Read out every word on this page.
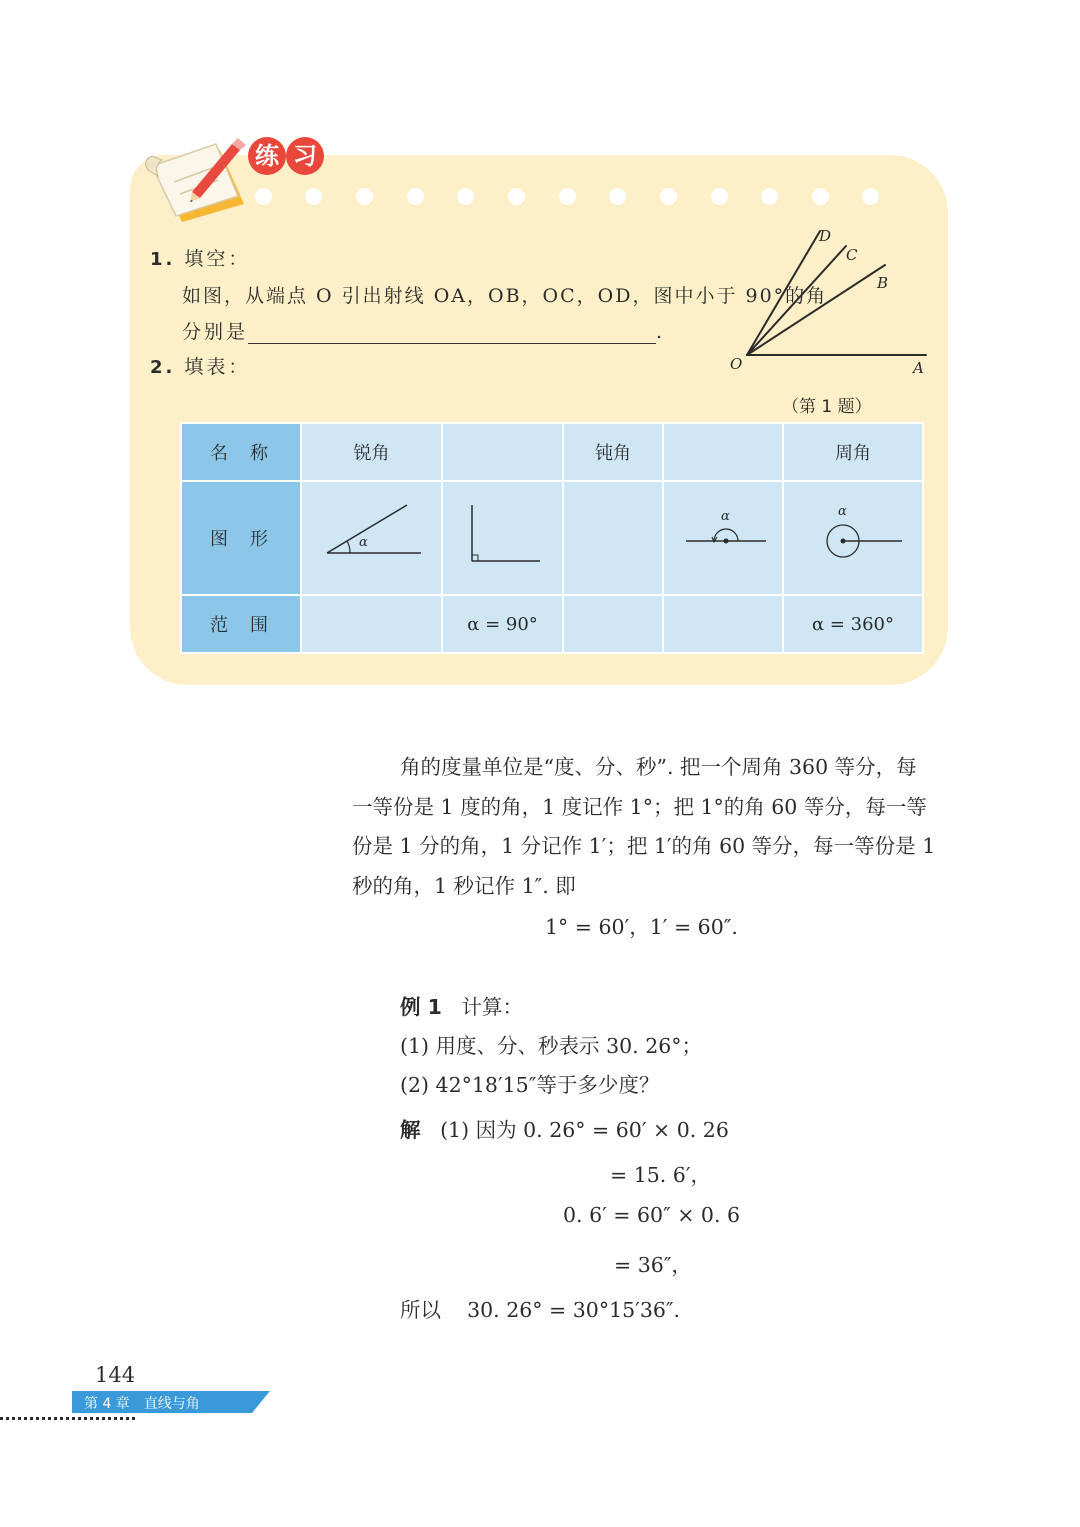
练 习
1. 填空：
如图，从端点 O 引出射线 OA，OB，OC，OD，图中小于 90°的角
分别是	.
2. 填表：
D
C
B
O	A
（第 1 题）
名称	锐角		钝角		周角
图形	α			α	α

范围		α = 90°			α = 360°
角的度量单位是“度、分、秒”. 把一个周角 360 等分，每
一等份是 1 度的角，1 度记作 1°；把 1°的角 60 等分，每一等
份是 1 分的角，1 分记作 1′；把 1′的角 60 等分，每一等份是 1
秒的角，1 秒记作 1″. 即
1° = 60′，1′ = 60″.
例 1 计算：
(1) 用度、分、秒表示 30. 26°；
(2) 42°18′15″等于多少度？
解 (1) 因为 0. 26° = 60′ × 0. 26
= 15. 6′，
0. 6′ = 60″ × 0. 6
= 36″，
所以 30. 26° = 30°15′36″.
144
第 4 章　直线与角
